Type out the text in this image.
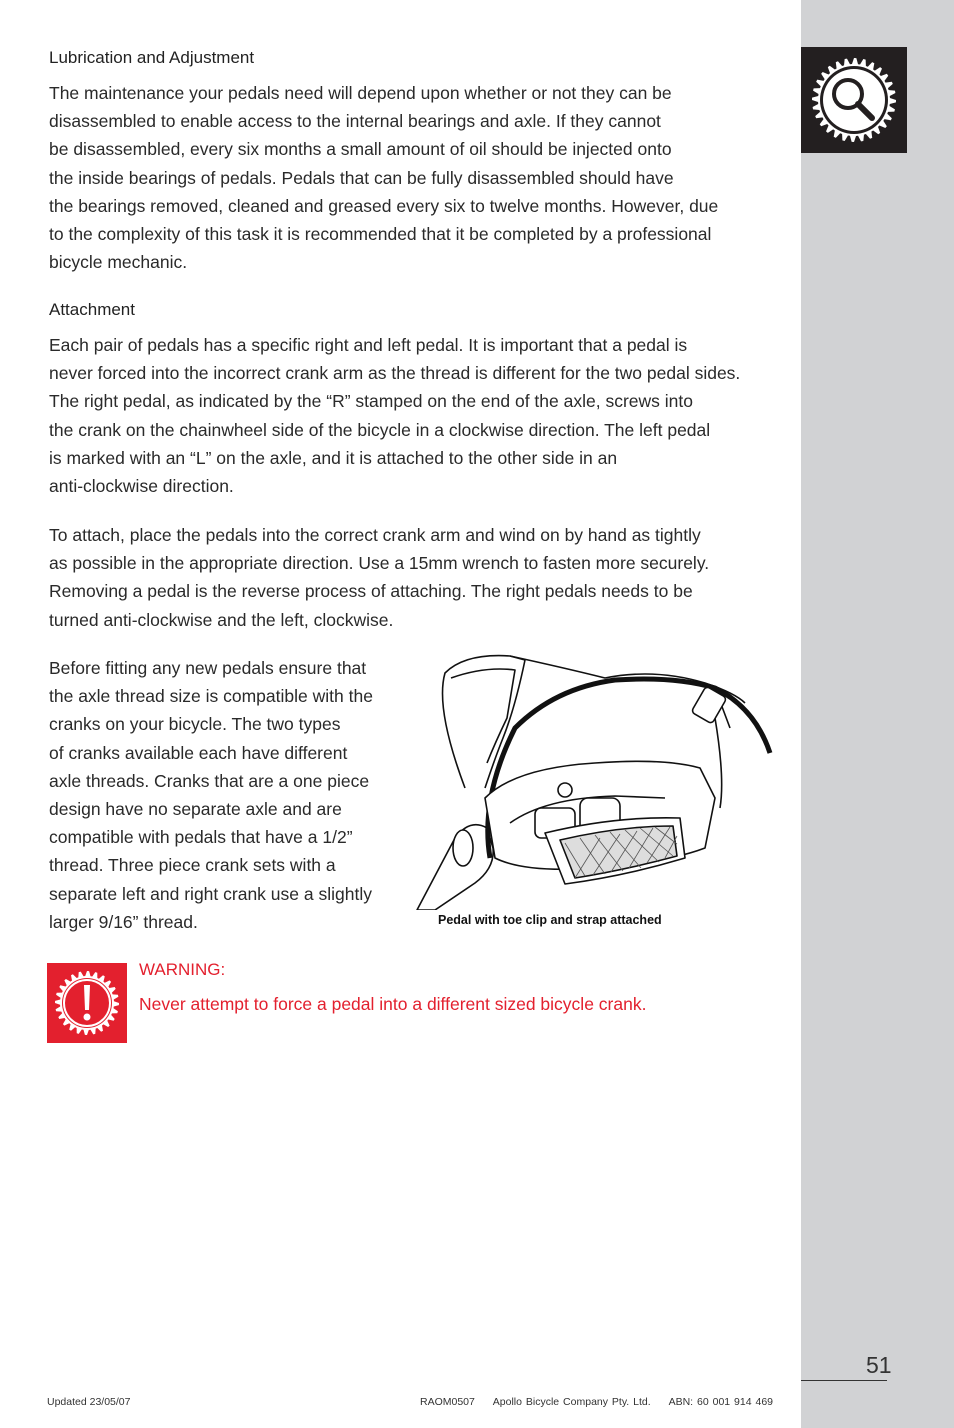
Lubrication and Adjustment

The maintenance your pedals need will depend upon whether or not they can be

disassembled to enable access to the internal bearings and axle. If they cannot

be disassembled, every six months a small amount of oil should be injected onto

the inside bearings of pedals. Pedals that can be fully disassembled should have

the bearings removed, cleaned and greased every six to twelve months. However, due

to the complexity of this task it is recommended that it be completed by a professional

bicycle mechanic.

Attachment

Each pair of pedals has a specific right and left pedal. It is important that a pedal is

never forced into the incorrect crank arm as the thread is different for the two pedal sides.

The right pedal, as indicated by the “R” stamped on the end of the axle, screws into

the crank on the chainwheel side of the bicycle in a clockwise direction. The left pedal

is marked with an “L” on the axle, and it is attached to the other side in an

anti-clockwise direction.

To attach, place the pedals into the correct crank arm and wind on by hand as tightly

as possible in the appropriate direction. Use a 15mm wrench to fasten more securely.

Removing a pedal is the reverse process of attaching. The right pedals needs to be

turned anti-clockwise and the left, clockwise.

Before fitting any new pedals ensure that

the axle thread size is compatible with the

cranks on your bicycle. The two types

of cranks available each have different

axle threads. Cranks that are a one piece

design have no separate axle and are

compatible with pedals that have a 1/2”

thread. Three piece crank sets with a

separate left and right crank use a slightly

larger 9/16” thread.	Pedal with toe clip and strap attached
WARNING:
Never attempt to force a pedal into a different sized bicycle crank.
51
Updated 23/05/07	RAOM0507 Apollo Bicycle Company Pty. Ltd. ABN: 60 001 914 469
